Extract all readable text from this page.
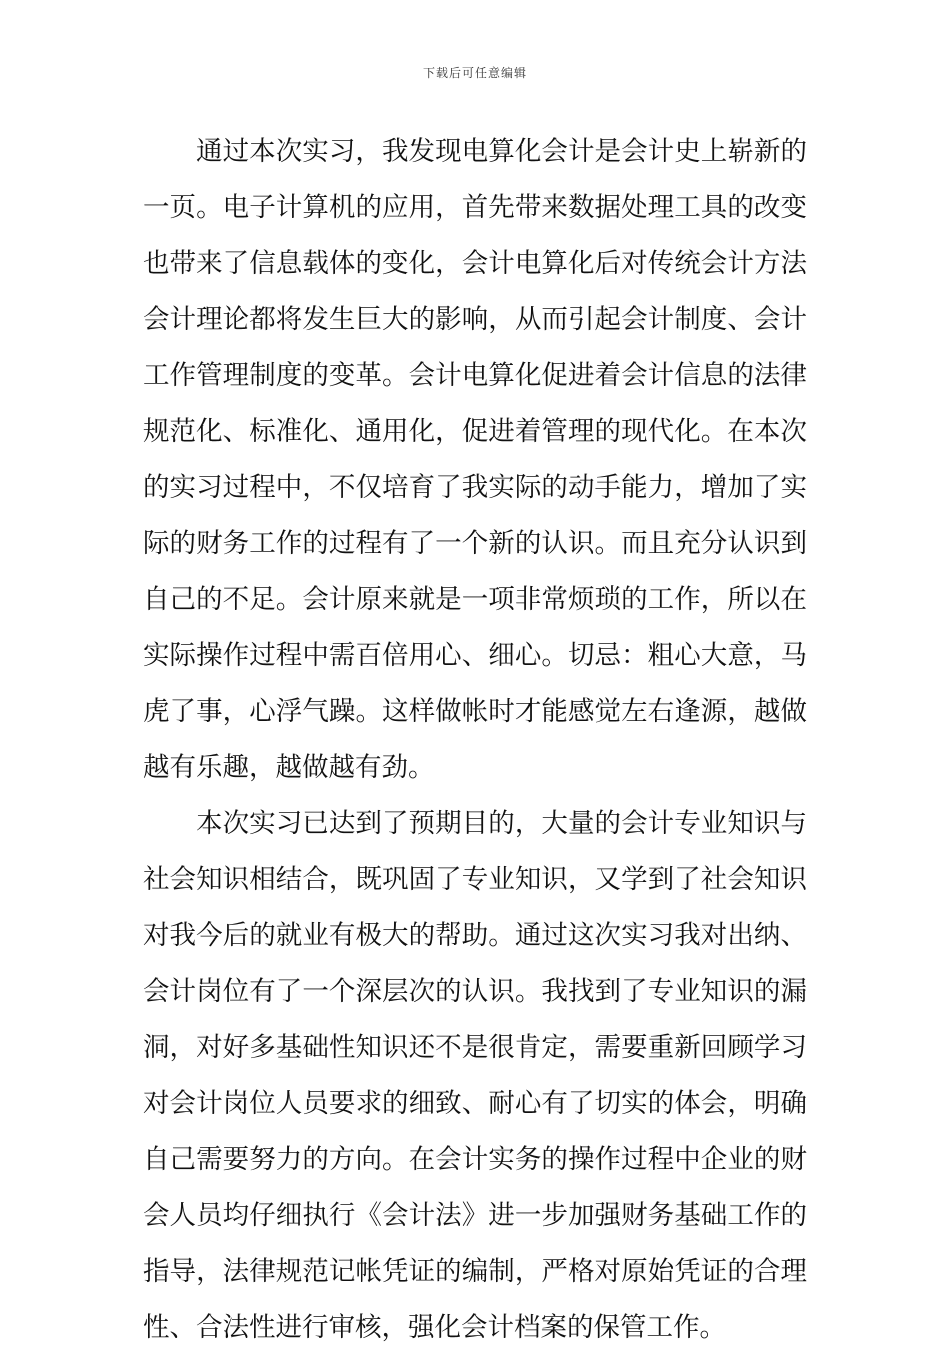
下载后可任意编辑
通过本次实习，我发现电算化会计是会计史上崭新的
一页。电子计算机的应用，首先带来数据处理工具的改变
也带来了信息载体的变化，会计电算化后对传统会计方法
会计理论都将发生巨大的影响，从而引起会计制度、会计
工作管理制度的变革。会计电算化促进着会计信息的法律
规范化、标准化、通用化，促进着管理的现代化。在本次
的实习过程中，不仅培育了我实际的动手能力，增加了实
际的财务工作的过程有了一个新的认识。而且充分认识到
自己的不足。会计原来就是一项非常烦琐的工作，所以在
实际操作过程中需百倍用心、细心。切忌：粗心大意，马
虎了事，心浮气躁。这样做帐时才能感觉左右逢源，越做
越有乐趣，越做越有劲。
本次实习已达到了预期目的，大量的会计专业知识与
社会知识相结合，既巩固了专业知识，又学到了社会知识
对我今后的就业有极大的帮助。通过这次实习我对出纳、
会计岗位有了一个深层次的认识。我找到了专业知识的漏
洞，对好多基础性知识还不是很肯定，需要重新回顾学习
对会计岗位人员要求的细致、耐心有了切实的体会，明确
自己需要努力的方向。在会计实务的操作过程中企业的财
会人员均仔细执行《会计法》进一步加强财务基础工作的
指导，法律规范记帐凭证的编制，严格对原始凭证的合理
性、合法性进行审核，强化会计档案的保管工作。
